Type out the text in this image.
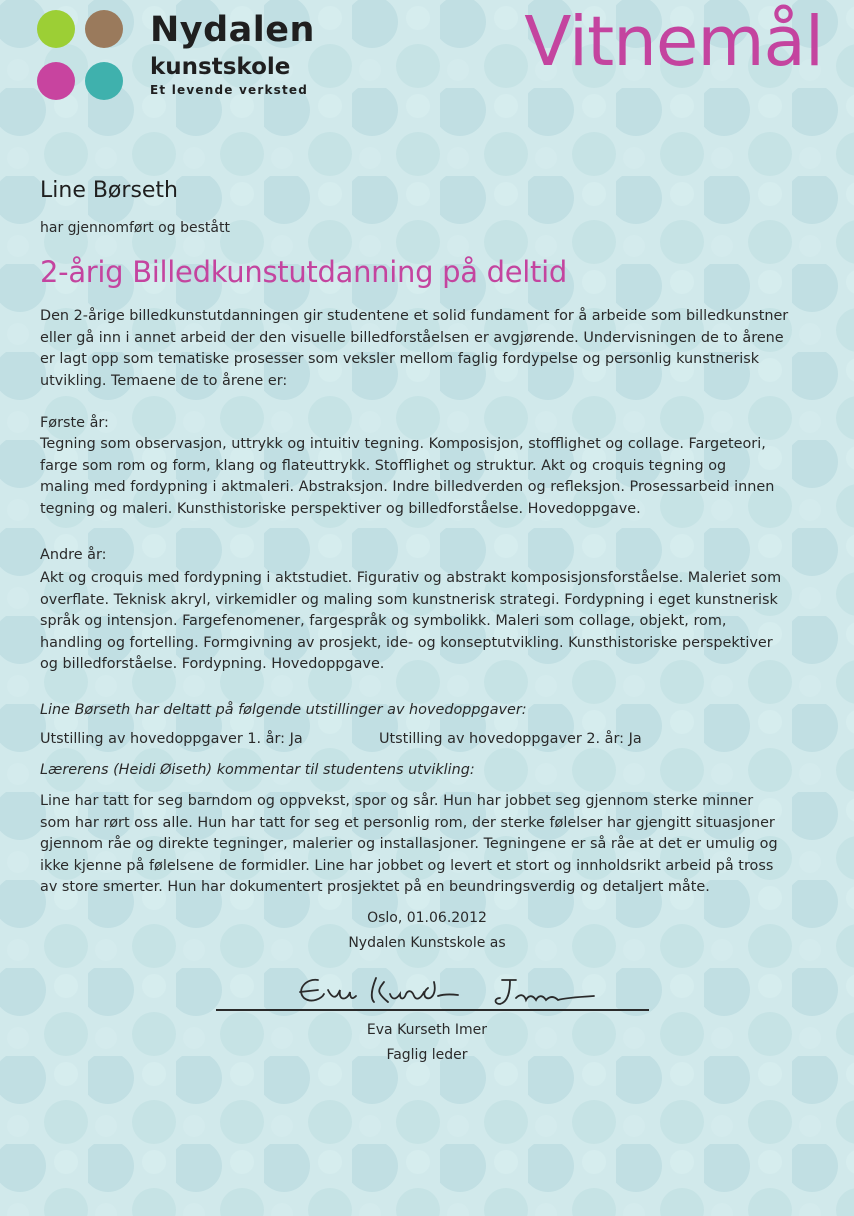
Nydalen
kunstskole
Et levende verksted
Vitnemål
Line Børseth
har gjennomført og bestått
2-årig Billedkunstutdanning på deltid
Den 2-årige billedkunstutdanningen gir studentene et solid fundament for å arbeide som billedkunstner
eller gå inn i annet arbeid der den visuelle billedforståelsen er avgjørende. Undervisningen de to årene
er lagt opp som tematiske prosesser som veksler mellom faglig fordypelse og personlig kunstnerisk
utvikling. Temaene de to årene er:
Første år:
Tegning som observasjon, uttrykk og intuitiv tegning. Komposisjon, stofflighet og collage. Fargeteori,
farge som rom og form, klang og flateuttrykk. Stofflighet og struktur. Akt og croquis tegning og
maling med fordypning i aktmaleri. Abstraksjon. Indre billedverden og refleksjon. Prosessarbeid innen
tegning og maleri. Kunsthistoriske perspektiver og billedforståelse. Hovedoppgave.
Andre år:
Akt og croquis med fordypning i aktstudiet. Figurativ og abstrakt komposisjonsforståelse. Maleriet som
overflate. Teknisk akryl, virkemidler og maling som kunstnerisk strategi. Fordypning i eget kunstnerisk
språk og intensjon. Fargefenomener, fargespråk og symbolikk. Maleri som collage, objekt, rom,
handling og fortelling. Formgivning av prosjekt, ide- og konseptutvikling. Kunsthistoriske perspektiver
og billedforståelse. Fordypning. Hovedoppgave.
Line Børseth har deltatt på følgende utstillinger av hovedoppgaver:
Utstilling av hovedoppgaver 1. år: Ja	Utstilling av hovedoppgaver 2. år: Ja
Lærerens (Heidi Øiseth) kommentar til studentens utvikling:
Line har tatt for seg barndom og oppvekst, spor og sår. Hun har jobbet seg gjennom sterke minner
som har rørt oss alle. Hun har tatt for seg et personlig rom, der sterke følelser har gjengitt situasjoner
gjennom råe og direkte tegninger, malerier og installasjoner. Tegningene er så råe at det er umulig og
ikke kjenne på følelsene de formidler. Line har jobbet og levert et stort og innholdsrikt arbeid på tross
av store smerter. Hun har dokumentert prosjektet på en beundringsverdig og detaljert måte.
Oslo, 01.06.2012
Nydalen Kunstskole as
Eva Kurseth Imer
Faglig leder
